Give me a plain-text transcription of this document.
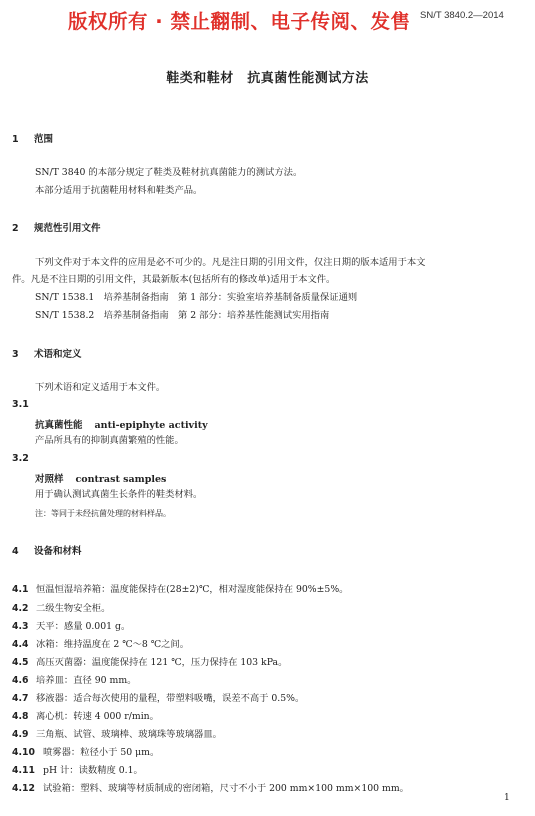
版权所有 · 禁止翻制、电子传阅、发售 SN/T 3840.2—2014
鞋类和鞋材　抗真菌性能测试方法
1 范围
SN/T 3840 的本部分规定了鞋类及鞋材抗真菌能力的测试方法。
本部分适用于抗菌鞋用材料和鞋类产品。
2 规范性引用文件
下列文件对于本文件的应用是必不可少的。凡是注日期的引用文件，仅注日期的版本适用于本文
件。凡是不注日期的引用文件，其最新版本(包括所有的修改单)适用于本文件。
SN/T 1538.1　培养基制备指南　第 1 部分：实验室培养基制备质量保证通则
SN/T 1538.2　培养基制备指南　第 2 部分：培养基性能测试实用指南
3 术语和定义
下列术语和定义适用于本文件。
3.1
抗真菌性能 anti-epiphyte activity
产品所具有的抑制真菌繁殖的性能。
3.2
对照样 contrast samples
用于确认测试真菌生长条件的鞋类材料。
注：等同于未经抗菌处理的材料样品。
4 设备和材料
4.1 恒温恒湿培养箱：温度能保持在(28±2)℃，相对湿度能保持在 90%±5%。
4.2 二级生物安全柜。
4.3 天平：感量 0.001 g。
4.4 冰箱：维持温度在 2 ℃～8 ℃之间。
4.5 高压灭菌器：温度能保持在 121 ℃，压力保持在 103 kPa。
4.6 培养皿：直径 90 mm。
4.7 移液器：适合每次使用的量程，带塑料吸嘴，误差不高于 0.5%。
4.8 离心机：转速 4 000 r/min。
4.9 三角瓶、试管、玻璃棒、玻璃珠等玻璃器皿。
4.10 喷雾器：粒径小于 50 μm。
4.11 pH 计：读数精度 0.1。
4.12 试验箱：塑料、玻璃等材质制成的密闭箱，尺寸不小于 200 mm×100 mm×100 mm。
1
